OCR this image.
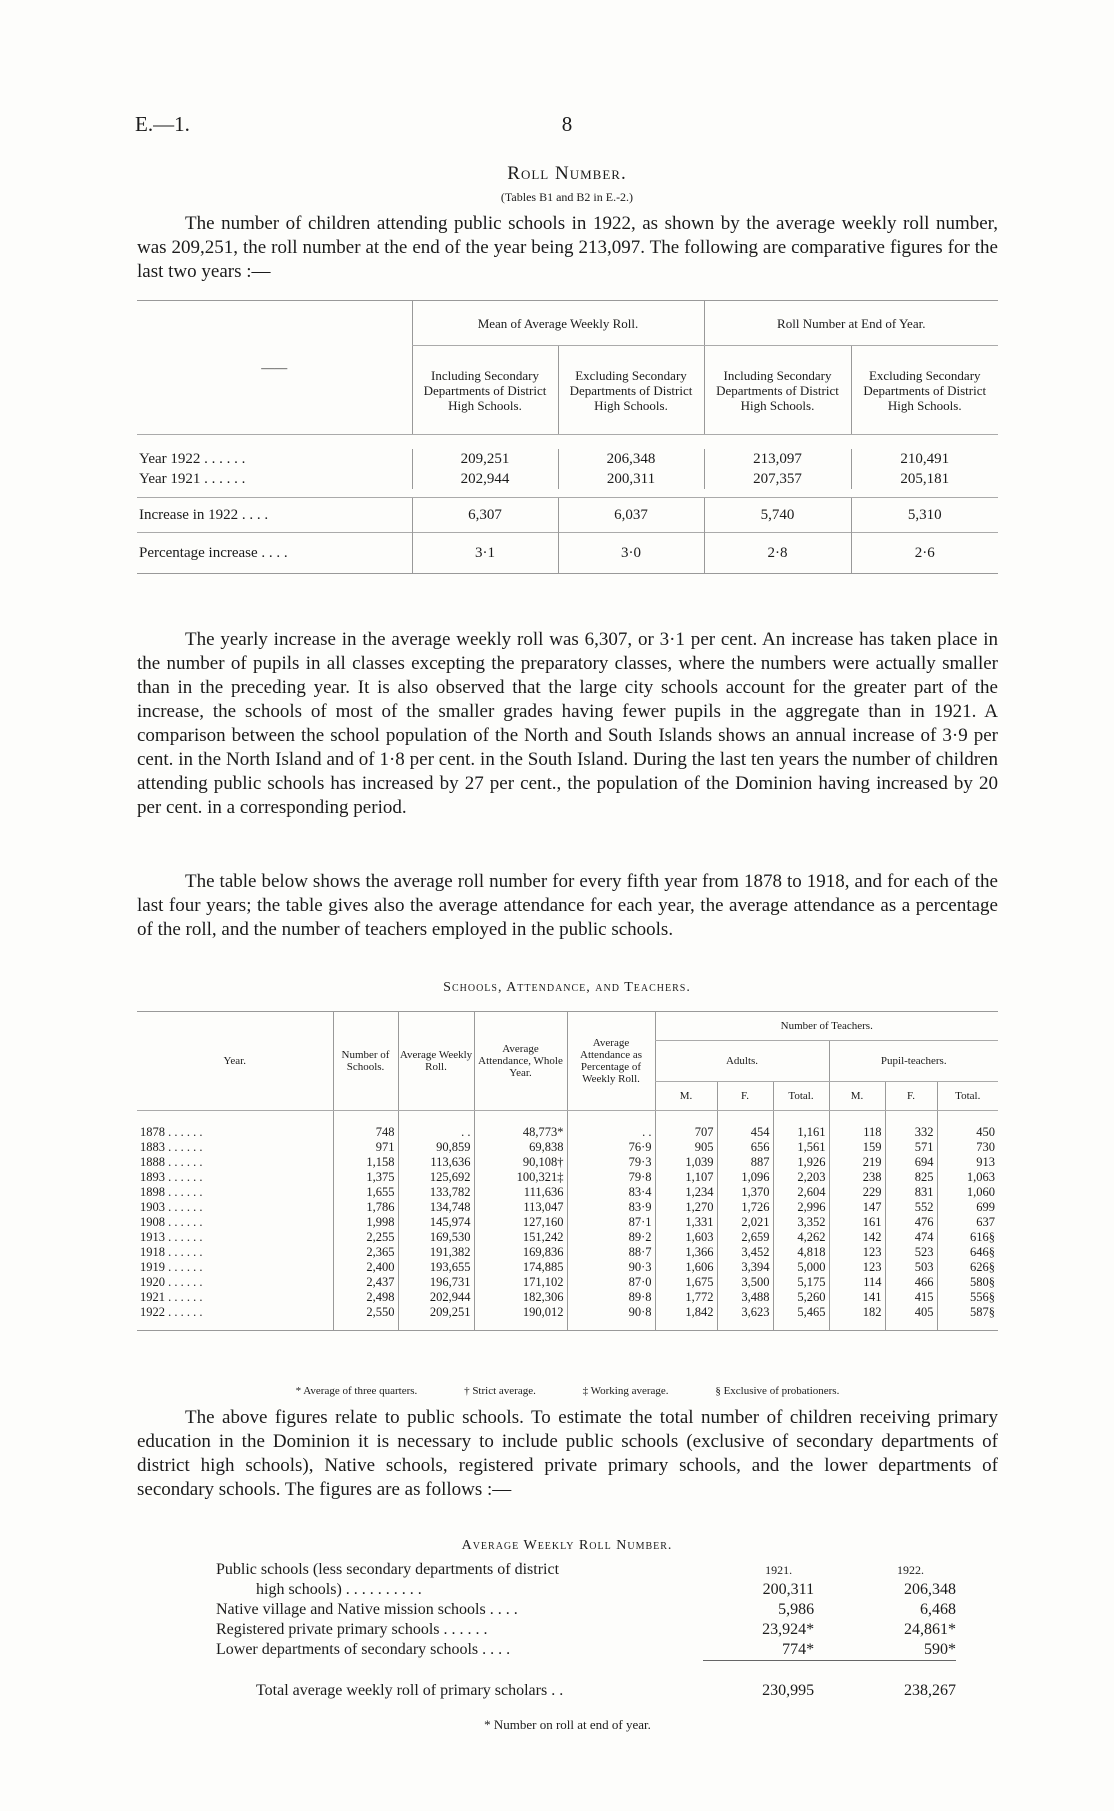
E.—1.	8
Roll Number.
(Tables B1 and B2 in E.-2.)

The number of children attending public schools in 1922, as shown by the average weekly roll number, was 209,251, the roll number at the end of the year being 213,097. The following are comparative figures for the last two years :—

——	Mean of Average Weekly Roll.		Roll Number at End of Year.	
	Including Secondary Departments of District High Schools.	Excluding Secondary Departments of District High Schools.	Including Secondary Departments of District High Schools.	Excluding Secondary Departments of District High Schools.

Year 1922 . . . . . .	209,251	206,348	213,097	210,491
Year 1921 . . . . . .	202,944	200,311	207,357	205,181

Increase in 1922 . . . .	6,307	6,037	5,740	5,310
Percentage increase . . . .	3·1	3·0	2·8	2·6

The yearly increase in the average weekly roll was 6,307, or 3·1 per cent. An increase has taken place in the number of pupils in all classes excepting the preparatory classes, where the numbers were actually smaller than in the preceding year. It is also observed that the large city schools account for the greater part of the increase, the schools of most of the smaller grades having fewer pupils in the aggregate than in 1921. A comparison between the school population of the North and South Islands shows an annual increase of 3·9 per cent. in the North Island and of 1·8 per cent. in the South Island. During the last ten years the number of children attending public schools has increased by 27 per cent., the population of the Dominion having increased by 20 per cent. in a corresponding period.

The table below shows the average roll number for every fifth year from 1878 to 1918, and for each of the last four years; the table gives also the average attendance for each year, the average attendance as a percentage of the roll, and the number of teachers employed in the public schools.

Schools, Attendance, and Teachers.
Year.	Number of Schools.	Average Weekly Roll.	Average Attendance, Whole Year.	Average Attendance as Percentage of Weekly Roll.	Number of Teachers.					
					Adults.			Pupil-teachers.		
					M.	F.	Total.	M.	F.	Total.
1878 . . . . . .	748	. .	48,773*	. .	707	454	1,161	118	332	450
1883 . . . . . .	971	90,859	69,838	76·9	905	656	1,561	159	571	730
1888 . . . . . .	1,158	113,636	90,108†	79·3	1,039	887	1,926	219	694	913
1893 . . . . . .	1,375	125,692	100,321‡	79·8	1,107	1,096	2,203	238	825	1,063
1898 . . . . . .	1,655	133,782	111,636	83·4	1,234	1,370	2,604	229	831	1,060
1903 . . . . . .	1,786	134,748	113,047	83·9	1,270	1,726	2,996	147	552	699
1908 . . . . . .	1,998	145,974	127,160	87·1	1,331	2,021	3,352	161	476	637
1913 . . . . . .	2,255	169,530	151,242	89·2	1,603	2,659	4,262	142	474	616§
1918 . . . . . .	2,365	191,382	169,836	88·7	1,366	3,452	4,818	123	523	646§
1919 . . . . . .	2,400	193,655	174,885	90·3	1,606	3,394	5,000	123	503	626§
1920 . . . . . .	2,437	196,731	171,102	87·0	1,675	3,500	5,175	114	466	580§
1921 . . . . . .	2,498	202,944	182,306	89·8	1,772	3,488	5,260	141	415	556§
1922 . . . . . .	2,550	209,251	190,012	90·8	1,842	3,623	5,465	182	405	587§
* Average of three quarters.	† Strict average.	‡ Working average.	§ Exclusive of probationers.

The above figures relate to public schools. To estimate the total number of children receiving primary education in the Dominion it is necessary to include public schools (exclusive of secondary departments of district high schools), Native schools, registered private primary schools, and the lower departments of secondary schools. The figures are as follows :—

Average Weekly Roll Number.
Public schools (less secondary departments of district	1921.	1922.
high schools) . . . . . . . . . .	200,311	206,348
Native village and Native mission schools . . . .	5,986	6,468
Registered private primary schools . . . . . .	23,924*	24,861*
Lower departments of secondary schools . . . .	774*	590*
Total average weekly roll of primary scholars . .	230,995	238,267
* Number on roll at end of year.
